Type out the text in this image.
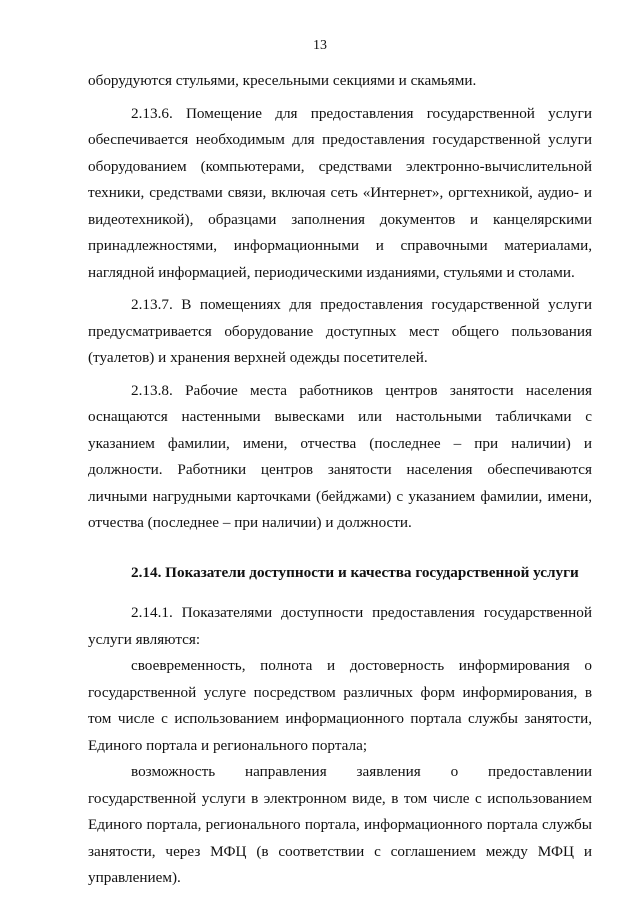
13

оборудуются стульями, кресельными секциями и скамьями.

2.13.6. Помещение для предоставления государственной услуги обеспечивается необходимым для предоставления государственной услуги оборудованием (компьютерами, средствами электронно-вычислительной техники, средствами связи, включая сеть «Интернет», оргтехникой, аудио- и видеотехникой), образцами заполнения документов и канцелярскими принадлежностями, информационными и справочными материалами, наглядной информацией, периодическими изданиями, стульями и столами.

2.13.7. В помещениях для предоставления государственной услуги предусматривается оборудование доступных мест общего пользования (туалетов) и хранения верхней одежды посетителей.

2.13.8. Рабочие места работников центров занятости населения оснащаются настенными вывесками или настольными табличками с указанием фамилии, имени, отчества (последнее – при наличии) и должности. Работники центров занятости населения обеспечиваются личными нагрудными карточками (бейджами) с указанием фамилии, имени, отчества (последнее – при наличии) и должности.

2.14. Показатели доступности и качества государственной услуги

2.14.1. Показателями доступности предоставления государственной услуги являются:

своевременность, полнота и достоверность информирования о государственной услуге посредством различных форм информирования, в том числе с использованием информационного портала службы занятости, Единого портала и регионального портала;

возможность направления заявления о предоставлении государственной услуги в электронном виде, в том числе с использованием Единого портала, регионального портала, информационного портала службы занятости, через МФЦ (в соответствии с соглашением между МФЦ и управлением).
